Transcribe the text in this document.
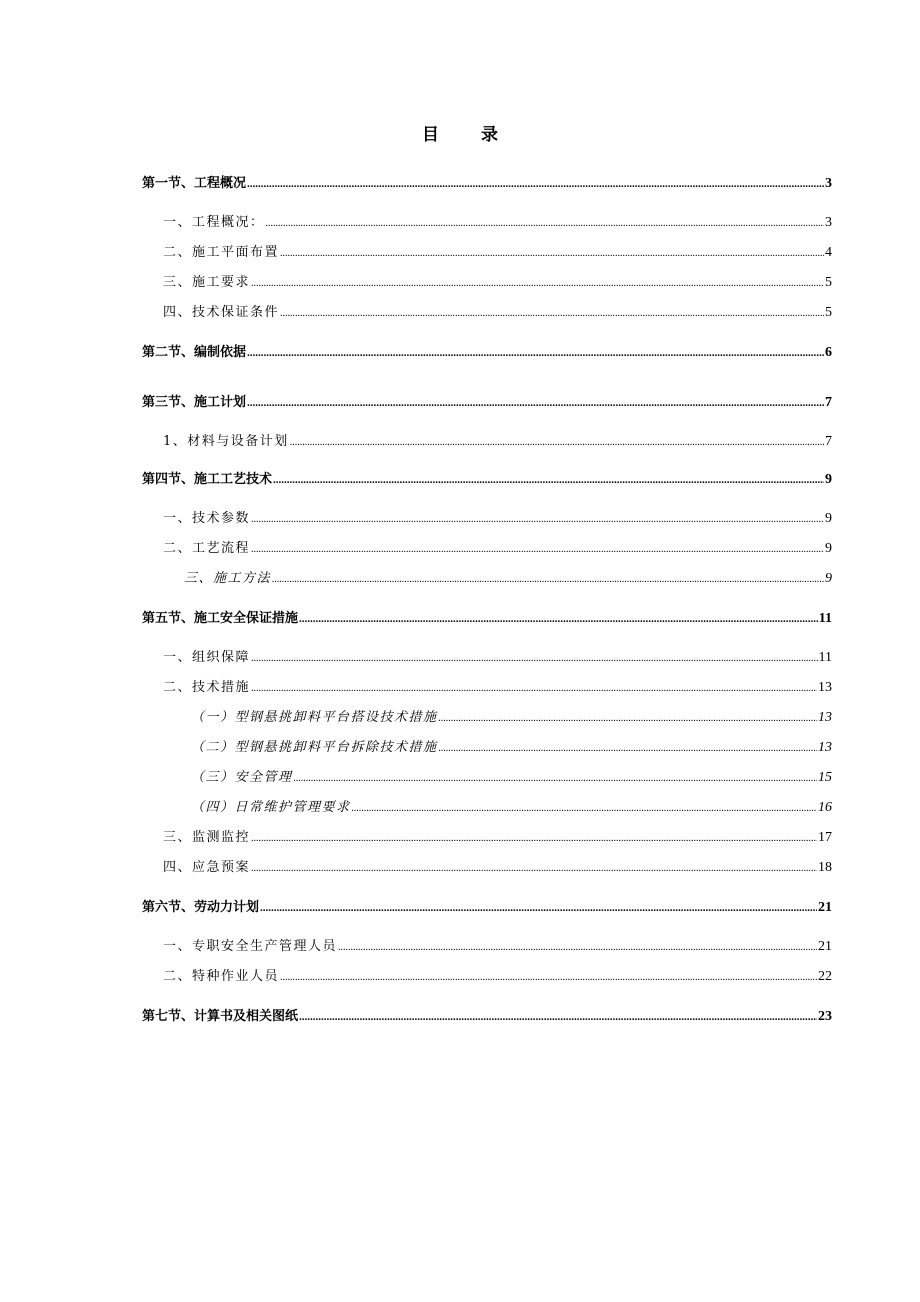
目 录
第一节、工程概况 .....	3
一、工程概况： .....	3
二、施工平面布置 .....	4
三、施工要求 .....	5
四、技术保证条件 .....	5
第二节、编制依据 .....	6
第三节、施工计划 .....	7
1、材料与设备计划 .....	7
第四节、施工工艺技术 .....	9
一、技术参数 .....	9
二、工艺流程 .....	9
三、施工方法 .....	9
第五节、施工安全保证措施 .....	11
一、组织保障 .....	11
二、技术措施 .....	13
（一）型钢悬挑卸料平台搭设技术措施 .....	13
（二）型钢悬挑卸料平台拆除技术措施 .....	13
（三）安全管理 .....	15
（四）日常维护管理要求 .....	16
三、监测监控 .....	17
四、应急预案 .....	18
第六节、劳动力计划 .....	21
一、专职安全生产管理人员 .....	21
二、特种作业人员 .....	22
第七节、计算书及相关图纸 .....	23
